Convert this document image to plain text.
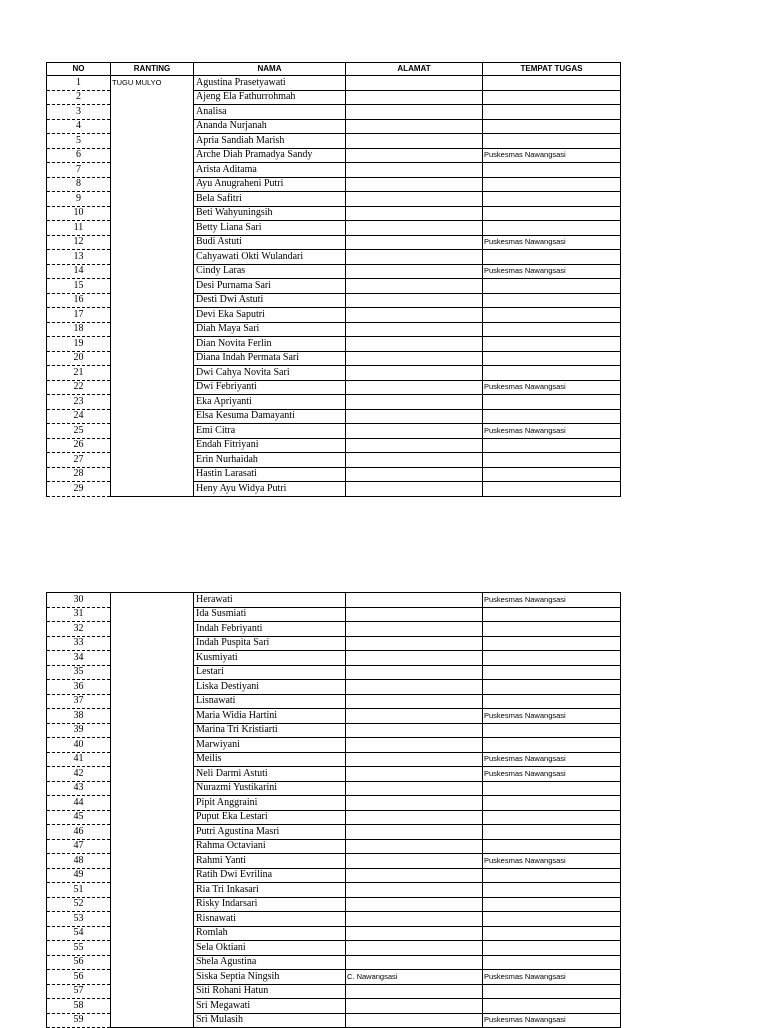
NO	RANTING	NAMA	ALAMAT	TEMPAT TUGAS
1	TUGU MULYO	Agustina Prasetyawati		
2		Ajeng Ela Fathurrohmah		
3		Analisa		
4		Ananda Nurjanah		
5		Apria Sandiah Marish		
6		Arche Diah Pramadya Sandy		Puskesmas Nawangsasi
7		Arista Aditama		
8		Ayu Anugraheni Putri		
9		Bela Safitri		
10		Beti Wahyuningsih		
11		Betty Liana Sari		
12		Budi Astuti		Puskesmas Nawangsasi
13		Cahyawati Okti Wulandari		
14		Cindy Laras		Puskesmas Nawangsasi
15		Desi Purnama Sari		
16		Desti Dwi Astuti		
17		Devi Eka Saputri		
18		Diah Maya Sari		
19		Dian Novita Ferlin		
20		Diana Indah Permata Sari		
21		Dwi Cahya Novita Sari		
22		Dwi Febriyanti		Puskesmas Nawangsasi
23		Eka Apriyanti		
24		Elsa Kesuma Damayanti		
25		Emi Citra		Puskesmas Nawangsasi
26		Endah Fitriyani		
27		Erin Nurhaidah		
28		Hastin Larasati		
29		Heny Ayu Widya Putri		
30		Herawati		Puskesmas Nawangsasi
31		Ida Susmiati		
32		Indah Febriyanti		
33		Indah Puspita Sari		
34		Kusmiyati		
35		Lestari		
36		Liska Destiyani		
37		Lisnawati		
38		Maria Widia Hartini		Puskesmas Nawangsasi
39		Marina Tri Kristiarti		
40		Marwiyani		
41		Meilis		Puskesmas Nawangsasi
42		Neli Darmi Astuti		Puskesmas Nawangsasi
43		Nurazmi Yustikarini		
44		Pipit Anggraini		
45		Puput Eka Lestari		
46		Putri Agustina Masri		
47		Rahma Octaviani		
48		Rahmi Yanti		Puskesmas Nawangsasi
49		Ratih Dwi Evrilina		
51		Ria Tri Inkasari		
52		Risky Indarsari		
53		Risnawati		
54		Romlah		
55		Sela Oktiani		
56		Shela Agustina		
56		Siska Septia Ningsih	C. Nawangsasi	Puskesmas Nawangsasi
57		Siti Rohani Hatun		
58		Sri Megawati		
59		Sri Mulasih		Puskesmas Nawangsasi
